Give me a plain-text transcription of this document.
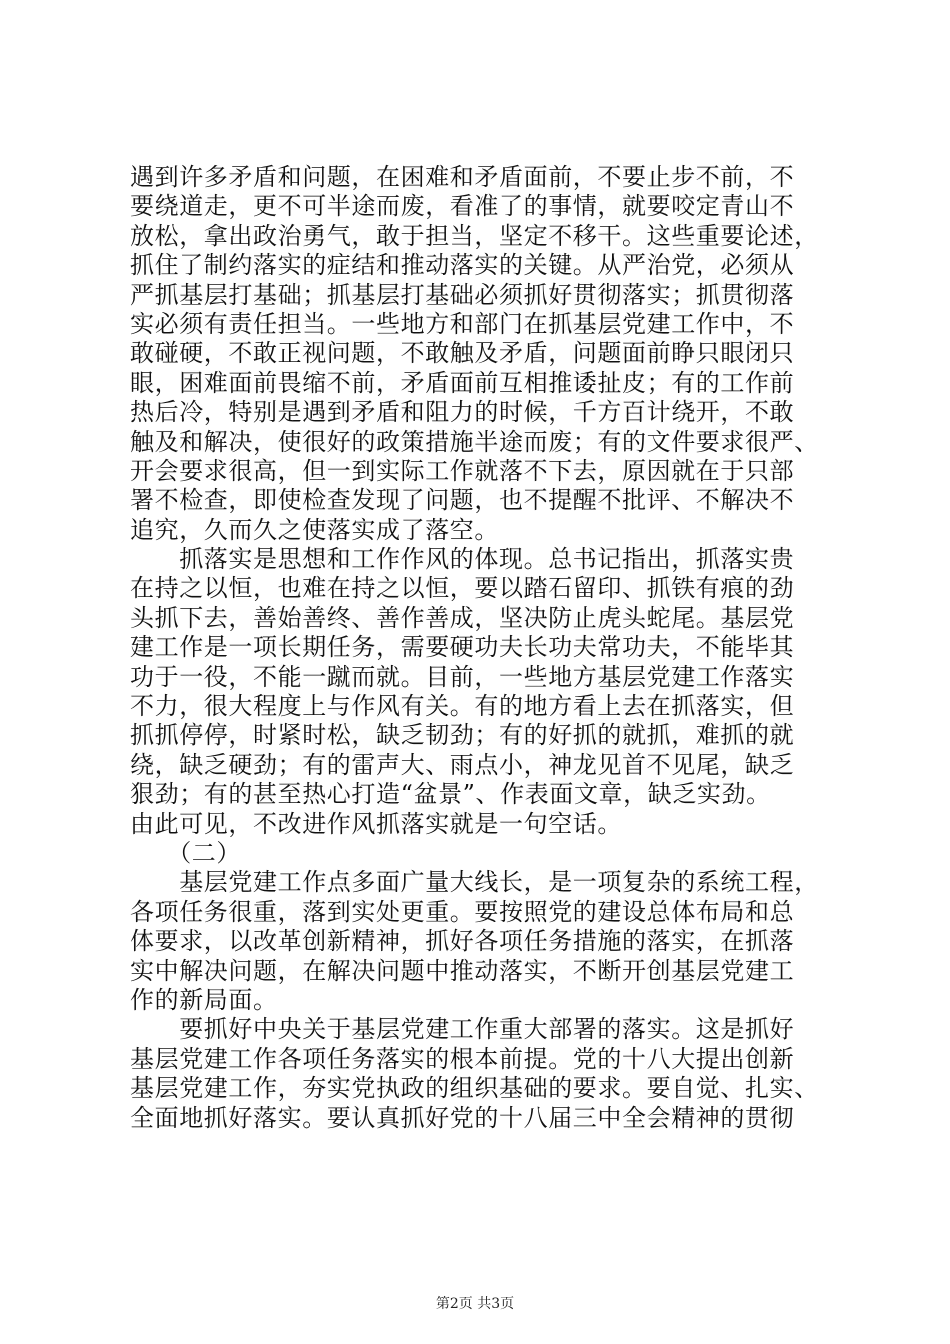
遇到许多矛盾和问题，在困难和矛盾面前，不要止步不前，不
要绕道走，更不可半途而废，看准了的事情，就要咬定青山不
放松，拿出政治勇气，敢于担当，坚定不移干。这些重要论述，
抓住了制约落实的症结和推动落实的关键。从严治党，必须从
严抓基层打基础；抓基层打基础必须抓好贯彻落实；抓贯彻落
实必须有责任担当。一些地方和部门在抓基层党建工作中，不
敢碰硬，不敢正视问题，不敢触及矛盾，问题面前睁只眼闭只
眼，困难面前畏缩不前，矛盾面前互相推诿扯皮；有的工作前
热后冷，特别是遇到矛盾和阻力的时候，千方百计绕开，不敢
触及和解决，使很好的政策措施半途而废；有的文件要求很严、
开会要求很高，但一到实际工作就落不下去，原因就在于只部
署不检查，即使检查发现了问题，也不提醒不批评、不解决不
追究，久而久之使落实成了落空。
　　抓落实是思想和工作作风的体现。总书记指出，抓落实贵
在持之以恒，也难在持之以恒，要以踏石留印、抓铁有痕的劲
头抓下去，善始善终、善作善成，坚决防止虎头蛇尾。基层党
建工作是一项长期任务，需要硬功夫长功夫常功夫，不能毕其
功于一役，不能一蹴而就。目前，一些地方基层党建工作落实
不力，很大程度上与作风有关。有的地方看上去在抓落实，但
抓抓停停，时紧时松，缺乏韧劲；有的好抓的就抓，难抓的就
绕，缺乏硬劲；有的雷声大、雨点小，神龙见首不见尾，缺乏
狠劲；有的甚至热心打造“盆景”、作表面文章，缺乏实劲。
由此可见，不改进作风抓落实就是一句空话。
　　（二）
　　基层党建工作点多面广量大线长，是一项复杂的系统工程，
各项任务很重，落到实处更重。要按照党的建设总体布局和总
体要求，以改革创新精神，抓好各项任务措施的落实，在抓落
实中解决问题，在解决问题中推动落实，不断开创基层党建工
作的新局面。
　　要抓好中央关于基层党建工作重大部署的落实。这是抓好
基层党建工作各项任务落实的根本前提。党的十八大提出创新
基层党建工作，夯实党执政的组织基础的要求。要自觉、扎实、
全面地抓好落实。要认真抓好党的十八届三中全会精神的贯彻
第2页 共3页
